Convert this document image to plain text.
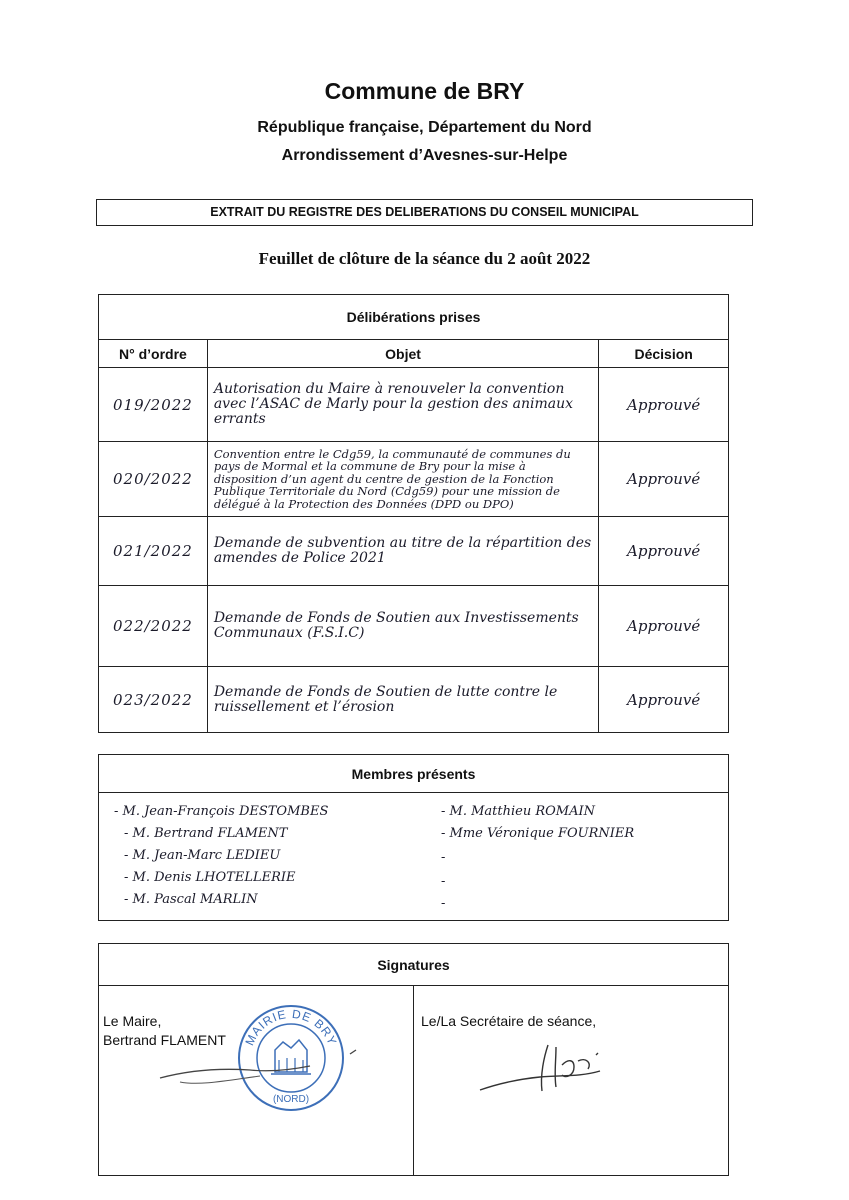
Commune de BRY
République française, Département du Nord
Arrondissement d’Avesnes-sur-Helpe
EXTRAIT DU REGISTRE DES DELIBERATIONS DU CONSEIL MUNICIPAL
Feuillet de clôture de la séance du 2 août 2022
Délibérations prises		
N° d’ordre	Objet	Décision
019/2022	Autorisation du Maire à renouveler la convention avec l’ASAC de Marly pour la gestion des animaux errants	Approuvé
020/2022	Convention entre le Cdg59, la communauté de communes du pays de Mormal et la commune de Bry pour la mise à disposition d’un agent du centre de gestion de la Fonction Publique Territoriale du Nord (Cdg59) pour une mission de délégué à la Protection des Données (DPD ou DPO)	Approuvé
021/2022	Demande de subvention au titre de la répartition des amendes de Police 2021	Approuvé
022/2022	Demande de Fonds de Soutien aux Investissements Communaux (F.S.I.C)	Approuvé
023/2022	Demande de Fonds de Soutien de lutte contre le ruissellement et l’érosion	Approuvé
Membres présents

- M. Jean-François DESTOMBES
- M. Bertrand FLAMENT
- M. Jean-Marc LEDIEU
- M. Denis LHOTELLERIE
- M. Pascal MARLIN
- M. Matthieu ROMAIN
- Mme Véronique FOURNIER
-
-
-
Signatures

Le Maire,
Bertrand FLAMENT
Le/La Secrétaire de séance,
MAIRIE DE BRY
(NORD)
